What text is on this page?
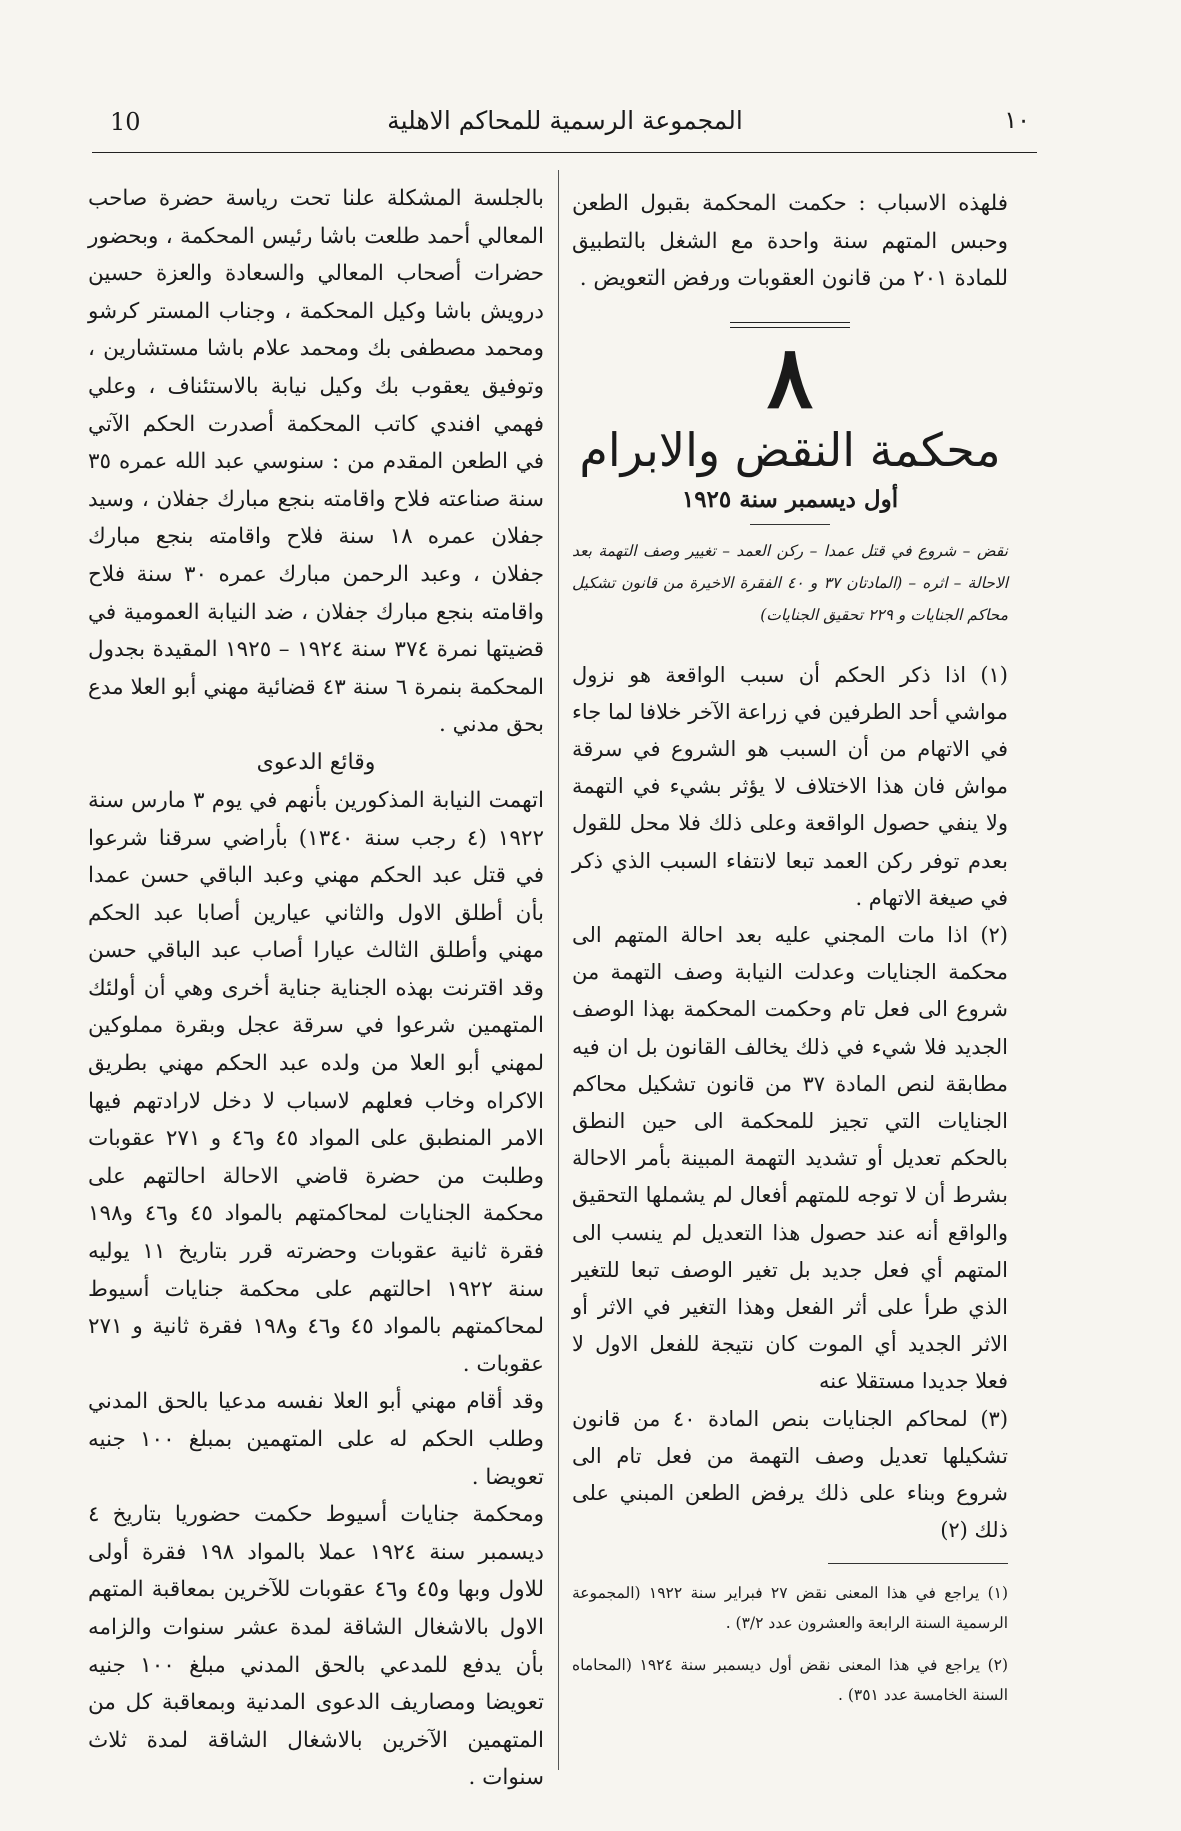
10	المجموعة الرسمية للمحاكم الاهلية	١٠

فلهذه الاسباب : حكمت المحكمة بقبول الطعن وحبس المتهم سنة واحدة مع الشغل بالتطبيق للمادة ٢٠١ من قانون العقوبات ورفض التعويض .

٨
محكمة النقض والابرام
أول ديسمبر سنة ١٩٢٥

نقض – شروع في قتل عمدا – ركن العمد – تغيير وصف التهمة بعد الاحالة – اثره – (المادتان ٣٧ و ٤٠ الفقرة الاخيرة من قانون تشكيل محاكم الجنايات و ٢٢٩ تحقيق الجنايات)

(١) اذا ذكر الحكم أن سبب الواقعة هو نزول مواشي أحد الطرفين في زراعة الآخر خلافا لما جاء في الاتهام من أن السبب هو الشروع في سرقة مواش فان هذا الاختلاف لا يؤثر بشيء في التهمة ولا ينفي حصول الواقعة وعلى ذلك فلا محل للقول بعدم توفر ركن العمد تبعا لانتفاء السبب الذي ذكر في صيغة الاتهام .

(٢) اذا مات المجني عليه بعد احالة المتهم الى محكمة الجنايات وعدلت النيابة وصف التهمة من شروع الى فعل تام وحكمت المحكمة بهذا الوصف الجديد فلا شيء في ذلك يخالف القانون بل ان فيه مطابقة لنص المادة ٣٧ من قانون تشكيل محاكم الجنايات التي تجيز للمحكمة الى حين النطق بالحكم تعديل أو تشديد التهمة المبينة بأمر الاحالة بشرط أن لا توجه للمتهم أفعال لم يشملها التحقيق والواقع أنه عند حصول هذا التعديل لم ينسب الى المتهم أي فعل جديد بل تغير الوصف تبعا للتغير الذي طرأ على أثر الفعل وهذا التغير في الاثر أو الاثر الجديد أي الموت كان نتيجة للفعل الاول لا فعلا جديدا مستقلا عنه

(٣) لمحاكم الجنايات بنص المادة ٤٠ من قانون تشكيلها تعديل وصف التهمة من فعل تام الى شروع وبناء على ذلك يرفض الطعن المبني على ذلك (٢)

(١) يراجع في هذا المعنى نقض ٢٧ فبراير سنة ١٩٢٢ (المجموعة الرسمية السنة الرابعة والعشرون عدد ٣/٢) .

(٢) يراجع في هذا المعنى نقض أول ديسمبر سنة ١٩٢٤ (المحاماه السنة الخامسة عدد ٣٥١) .

بالجلسة المشكلة علنا تحت رياسة حضرة صاحب المعالي أحمد طلعت باشا رئيس المحكمة ، وبحضور حضرات أصحاب المعالي والسعادة والعزة حسين درويش باشا وكيل المحكمة ، وجناب المستر كرشو ومحمد مصطفى بك ومحمد علام باشا مستشارين ، وتوفيق يعقوب بك وكيل نيابة بالاستئناف ، وعلي فهمي افندي كاتب المحكمة أصدرت الحكم الآتي في الطعن المقدم من : سنوسي عبد الله عمره ٣٥ سنة صناعته فلاح واقامته بنجع مبارك جفلان ، وسيد جفلان عمره ١٨ سنة فلاح واقامته بنجع مبارك جفلان ، وعبد الرحمن مبارك عمره ٣٠ سنة فلاح واقامته بنجع مبارك جفلان ، ضد النيابة العمومية في قضيتها نمرة ٣٧٤ سنة ١٩٢٤ – ١٩٢٥ المقيدة بجدول المحكمة بنمرة ٦ سنة ٤٣ قضائية مهني أبو العلا مدع بحق مدني .

وقائع الدعوى

اتهمت النيابة المذكورين بأنهم في يوم ٣ مارس سنة ١٩٢٢ (٤ رجب سنة ١٣٤٠) بأراضي سرقنا شرعوا في قتل عبد الحكم مهني وعبد الباقي حسن عمدا بأن أطلق الاول والثاني عيارين أصابا عبد الحكم مهني وأطلق الثالث عيارا أصاب عبد الباقي حسن وقد اقترنت بهذه الجناية جناية أخرى وهي أن أولئك المتهمين شرعوا في سرقة عجل وبقرة مملوكين لمهني أبو العلا من ولده عبد الحكم مهني بطريق الاكراه وخاب فعلهم لاسباب لا دخل لارادتهم فيها الامر المنطبق على المواد ٤٥ و٤٦ و ٢٧١ عقوبات وطلبت من حضرة قاضي الاحالة احالتهم على محكمة الجنايات لمحاكمتهم بالمواد ٤٥ و٤٦ و١٩٨ فقرة ثانية عقوبات وحضرته قرر بتاريخ ١١ يوليه سنة ١٩٢٢ احالتهم على محكمة جنايات أسيوط لمحاكمتهم بالمواد ٤٥ و٤٦ و١٩٨ فقرة ثانية و ٢٧١ عقوبات .

وقد أقام مهني أبو العلا نفسه مدعيا بالحق المدني وطلب الحكم له على المتهمين بمبلغ ١٠٠ جنيه تعويضا .

ومحكمة جنايات أسيوط حكمت حضوريا بتاريخ ٤ ديسمبر سنة ١٩٢٤ عملا بالمواد ١٩٨ فقرة أولى للاول وبها و٤٥ و٤٦ عقوبات للآخرين بمعاقبة المتهم الاول بالاشغال الشاقة لمدة عشر سنوات والزامه بأن يدفع للمدعي بالحق المدني مبلغ ١٠٠ جنيه تعويضا ومصاريف الدعوى المدنية وبمعاقبة كل من المتهمين الآخرين بالاشغال الشاقة لمدة ثلاث سنوات .
